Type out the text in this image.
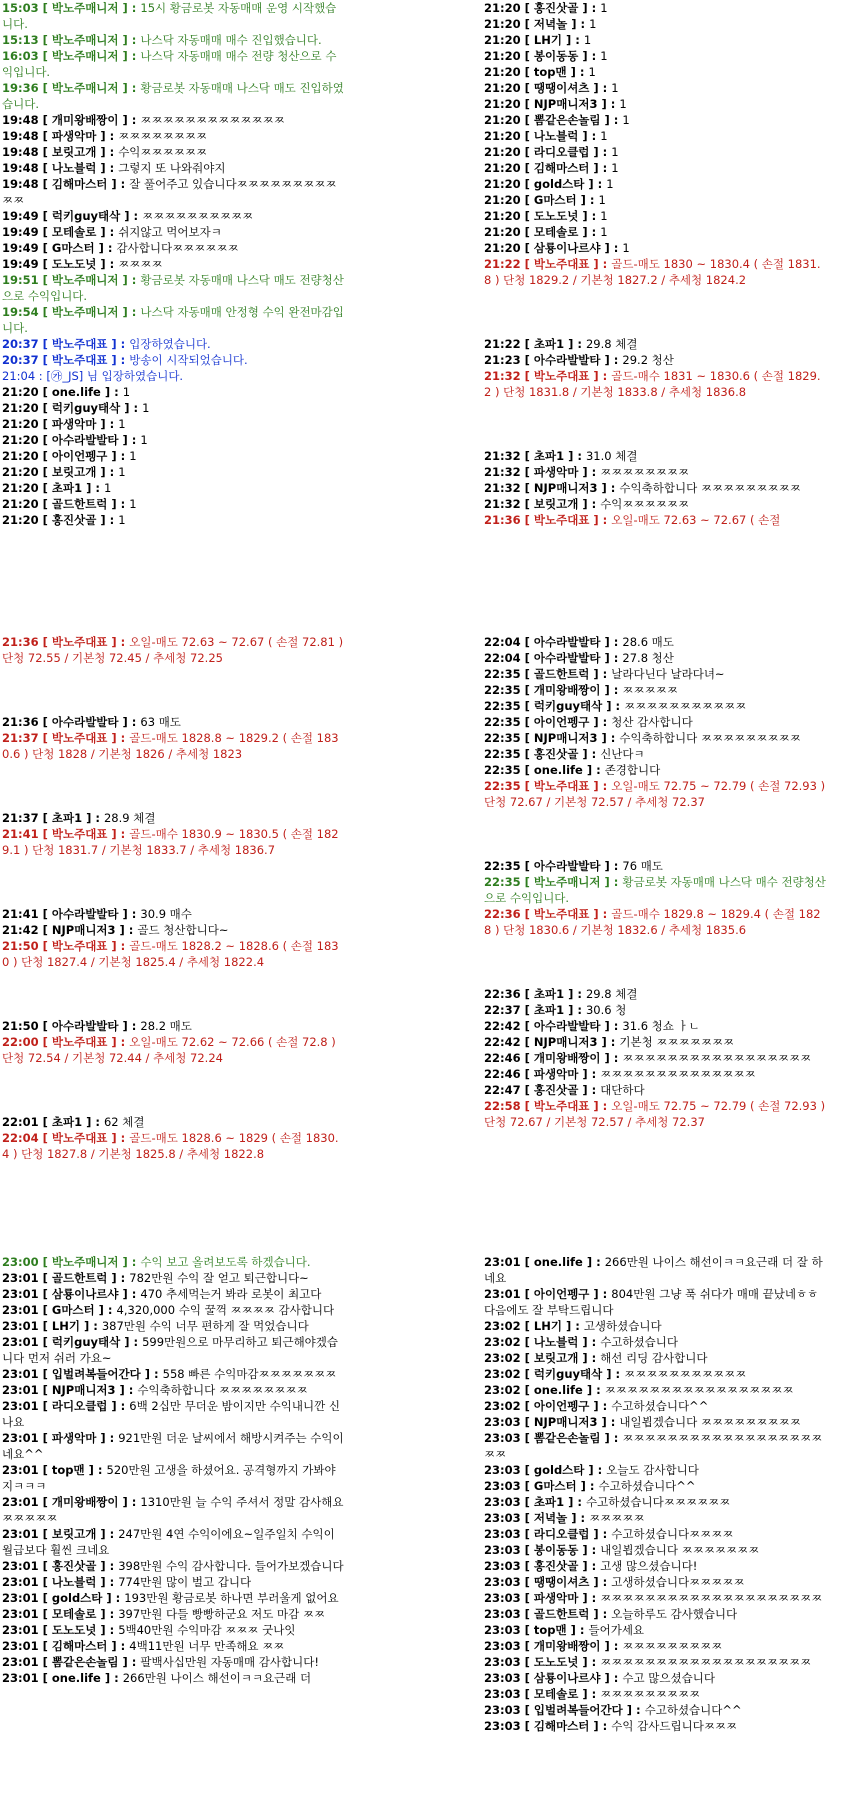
15:03 [ 박노주매니저 ] : 15시 황금로봇 자동매매 운영 시작했습니다.
15:13 [ 박노주매니저 ] : 나스닥 자동매매 매수 진입했습니다.
16:03 [ 박노주매니저 ] : 나스닥 자동매매 매수 전량 청산으로 수익입니다.
19:36 [ 박노주매니저 ] : 황금로봇 자동매매 나스닥 매도 진입하였습니다.
19:48 [ 개미왕배짱이 ] : ㅉㅉㅉㅉㅉㅉㅉㅉㅉㅉㅉㅉㅉ
19:48 [ 파생악마 ] : ㅉㅉㅉㅉㅉㅉㅉㅉ
19:48 [ 보릿고개 ] : 수익ㅉㅉㅉㅉㅉㅉ
19:48 [ 나노블럭 ] : 그렇지 또 나와줘야지
19:48 [ 김해마스터 ] : 잘 풀어주고 있습니다ㅉㅉㅉㅉㅉㅉㅉㅉㅉㅉㅉ
19:49 [ 럭키guy태삭 ] : ㅉㅉㅉㅉㅉㅉㅉㅉㅉㅉ
19:49 [ 모테솔로 ] : 쉬지않고 먹어보자ㅋ
19:49 [ G마스터 ] : 감사합니다ㅉㅉㅉㅉㅉㅉ
19:49 [ 도노도넛 ] : ㅉㅉㅉㅉ
19:51 [ 박노주매니저 ] : 황금로봇 자동매매 나스닥 매도 전량청산으로 수익입니다.
19:54 [ 박노주매니저 ] : 나스닥 자동매매 안정형 수익 완전마감입니다.
20:37 [ 박노주대표 ] : 입장하였습니다.
20:37 [ 박노주대표 ] : 방송이 시작되었습니다.
21:04 : [㉮_JS] 님 입장하였습니다.
21:20 [ one.life ] : 1
21:20 [ 럭키guy태삭 ] : 1
21:20 [ 파생악마 ] : 1
21:20 [ 아수라발발타 ] : 1
21:20 [ 아이언펭구 ] : 1
21:20 [ 보릿고개 ] : 1
21:20 [ 초파1 ] : 1
21:20 [ 골드한트럭 ] : 1
21:20 [ 홍진삿골 ] : 1
21:20 [ 홍진삿골 ] : 1
21:20 [ 저녁놀 ] : 1
21:20 [ LH기 ] : 1
21:20 [ 봉이동동 ] : 1
21:20 [ top맨 ] : 1
21:20 [ 땡땡이셔츠 ] : 1
21:20 [ NJP매니저3 ] : 1
21:20 [ 뽐같은손놀림 ] : 1
21:20 [ 나노블럭 ] : 1
21:20 [ 라디오클럽 ] : 1
21:20 [ 김해마스터 ] : 1
21:20 [ gold스타 ] : 1
21:20 [ G마스터 ] : 1
21:20 [ 도노도넛 ] : 1
21:20 [ 모테솔로 ] : 1
21:20 [ 삼룡이나르샤 ] : 1
21:22 [ 박노주대표 ] : 골드-매도 1830 ~ 1830.4 ( 손절 1831.8 ) 단청 1829.2 / 기본청 1827.2 / 추세청 1824.2
21:22 [ 초파1 ] : 29.8 체결
21:23 [ 아수라발발타 ] : 29.2 청산
21:32 [ 박노주대표 ] : 골드-매수 1831 ~ 1830.6 ( 손절 1829.2 ) 단청 1831.8 / 기본청 1833.8 / 추세청 1836.8
21:32 [ 초파1 ] : 31.0 체결
21:32 [ 파생악마 ] : ㅉㅉㅉㅉㅉㅉㅉㅉ
21:32 [ NJP매니저3 ] : 수익축하합니다 ㅉㅉㅉㅉㅉㅉㅉㅉㅉ
21:32 [ 보릿고개 ] : 수익ㅉㅉㅉㅉㅉㅉ
21:36 [ 박노주대표 ] : 오일-매도 72.63 ~ 72.67 ( 손절
21:36 [ 박노주대표 ] : 오일-매도 72.63 ~ 72.67 ( 손절 72.81 ) 단청 72.55 / 기본청 72.45 / 추세청 72.25
21:36 [ 아수라발발타 ] : 63 매도
21:37 [ 박노주대표 ] : 골드-매도 1828.8 ~ 1829.2 ( 손절 1830.6 ) 단청 1828 / 기본청 1826 / 추세청 1823
21:37 [ 초파1 ] : 28.9 체결
21:41 [ 박노주대표 ] : 골드-매수 1830.9 ~ 1830.5 ( 손절 1829.1 ) 단청 1831.7 / 기본청 1833.7 / 추세청 1836.7
21:41 [ 아수라발발타 ] : 30.9 매수
21:42 [ NJP매니저3 ] : 골드 청산합니다~
21:50 [ 박노주대표 ] : 골드-매도 1828.2 ~ 1828.6 ( 손절 1830 ) 단청 1827.4 / 기본청 1825.4 / 추세청 1822.4
21:50 [ 아수라발발타 ] : 28.2 매도
22:00 [ 박노주대표 ] : 오일-매도 72.62 ~ 72.66 ( 손절 72.8 ) 단청 72.54 / 기본청 72.44 / 추세청 72.24
22:01 [ 초파1 ] : 62 체결
22:04 [ 박노주대표 ] : 골드-매도 1828.6 ~ 1829 ( 손절 1830.4 ) 단청 1827.8 / 기본청 1825.8 / 추세청 1822.8
22:04 [ 아수라발발타 ] : 28.6 매도
22:04 [ 아수라발발타 ] : 27.8 청산
22:35 [ 골드한트럭 ] : 날라다닌다 날라다녀~
22:35 [ 개미왕배짱이 ] : ㅉㅉㅉㅉㅉ
22:35 [ 럭키guy태삭 ] : ㅉㅉㅉㅉㅉㅉㅉㅉㅉㅉㅉ
22:35 [ 아이언펭구 ] : 청산 감사합니다
22:35 [ NJP매니저3 ] : 수익축하합니다 ㅉㅉㅉㅉㅉㅉㅉㅉㅉ
22:35 [ 홍진삿골 ] : 신난다ㅋ
22:35 [ one.life ] : 존경합니다
22:35 [ 박노주대표 ] : 오일-매도 72.75 ~ 72.79 ( 손절 72.93 ) 단청 72.67 / 기본청 72.57 / 추세청 72.37
22:35 [ 아수라발발타 ] : 76 매도
22:35 [ 박노주매니저 ] : 황금로봇 자동매매 나스닥 매수 전량청산으로 수익입니다.
22:36 [ 박노주대표 ] : 골드-매수 1829.8 ~ 1829.4 ( 손절 1828 ) 단청 1830.6 / 기본청 1832.6 / 추세청 1835.6
22:36 [ 초파1 ] : 29.8 체결
22:37 [ 초파1 ] : 30.6 청
22:42 [ 아수라발발타 ] : 31.6 청쇼 ㅏㄴ
22:42 [ NJP매니저3 ] : 기본청 ㅉㅉㅉㅉㅉㅉㅉ
22:46 [ 개미왕배짱이 ] : ㅉㅉㅉㅉㅉㅉㅉㅉㅉㅉㅉㅉㅉㅉㅉㅉㅉ
22:46 [ 파생악마 ] : ㅉㅉㅉㅉㅉㅉㅉㅉㅉㅉㅉㅉㅉㅉ
22:47 [ 홍진삿골 ] : 대단하다
22:58 [ 박노주대표 ] : 오일-매도 72.75 ~ 72.79 ( 손절 72.93 ) 단청 72.67 / 기본청 72.57 / 추세청 72.37
23:00 [ 박노주매니저 ] : 수익 보고 올려보도록 하겠습니다.
23:01 [ 골드한트럭 ] : 782만원 수익 잘 얻고 퇴근합니다~
23:01 [ 삼룡이나르샤 ] : 470 추세먹는거 봐라 로봇이 최고다
23:01 [ G마스터 ] : 4,320,000 수익 꿀꺽 ㅉㅉㅉㅉ 감사합니다
23:01 [ LH기 ] : 387만원 수익 너무 편하게 잘 먹었습니다
23:01 [ 럭키guy태삭 ] : 599만원으로 마무리하고 퇴근해야겠습니다 먼저 쉬러 가요~
23:01 [ 입벌려복들어간다 ] : 558 빠른 수익마감ㅉㅉㅉㅉㅉㅉㅉ
23:01 [ NJP매니저3 ] : 수익축하합니다 ㅉㅉㅉㅉㅉㅉㅉㅉ
23:01 [ 라디오클럽 ] : 6백 2십만 무더운 밤이지만 수익내니깐 신나요
23:01 [ 파생악마 ] : 921만원 더운 날씨에서 해방시켜주는 수익이네요^^
23:01 [ top맨 ] : 520만원 고생을 하셨어요. 공격형까지 가봐야지ㅋㅋㅋ
23:01 [ 개미왕배짱이 ] : 1310만원 늘 수익 주셔서 정말 감사해요ㅉㅉㅉㅉㅉ
23:01 [ 보릿고개 ] : 247만원 4연 수익이에요~일주일치 수익이 월급보다 훨씬 크네요
23:01 [ 홍진삿골 ] : 398만원 수익 감사합니다. 들어가보겠습니다
23:01 [ 나노블럭 ] : 774만원 많이 벌고 갑니다
23:01 [ gold스타 ] : 193만원 황금로봇 하나면 부러울게 없어요
23:01 [ 모테솔로 ] : 397만원 다들 빵빵하군요 저도 마감 ㅉㅉ
23:01 [ 도노도넛 ] : 5백40만원 수익마감 ㅉㅉㅉ 굿나잇
23:01 [ 김해마스터 ] : 4백11만원 너무 만족해요 ㅉㅉ
23:01 [ 뽐같은손놀림 ] : 팔백사십만원 자동매매 감사합니다!
23:01 [ one.life ] : 266만원 나이스 해선이ㅋㅋ요근래 더
23:01 [ one.life ] : 266만원 나이스 해선이ㅋㅋ요근래 더 잘 하네요
23:01 [ 아이언펭구 ] : 804만원 그냥 푹 쉬다가 매매 끝났네ㅎㅎ다음에도 잘 부탁드립니다
23:02 [ LH기 ] : 고생하셨습니다
23:02 [ 나노블럭 ] : 수고하셨습니다
23:02 [ 보릿고개 ] : 해선 리딩 감사합니다
23:02 [ 럭키guy태삭 ] : ㅉㅉㅉㅉㅉㅉㅉㅉㅉㅉㅉ
23:02 [ one.life ] : ㅉㅉㅉㅉㅉㅉㅉㅉㅉㅉㅉㅉㅉㅉㅉㅉㅉ
23:02 [ 아이언펭구 ] : 수고하셨습니다^^
23:03 [ NJP매니저3 ] : 내일뵙겠습니다 ㅉㅉㅉㅉㅉㅉㅉㅉㅉ
23:03 [ 뽐같은손놀림 ] : ㅉㅉㅉㅉㅉㅉㅉㅉㅉㅉㅉㅉㅉㅉㅉㅉㅉㅉㅉㅉ
23:03 [ gold스타 ] : 오늘도 감사합니다
23:03 [ G마스터 ] : 수고하셨습니다^^
23:03 [ 초파1 ] : 수고하셨습니다ㅉㅉㅉㅉㅉㅉ
23:03 [ 저녁놀 ] : ㅉㅉㅉㅉㅉ
23:03 [ 라디오클럽 ] : 수고하셨습니다ㅉㅉㅉㅉ
23:03 [ 봉이동동 ] : 내일뵙겠습니다 ㅉㅉㅉㅉㅉㅉㅉ
23:03 [ 홍진삿골 ] : 고생 많으셨습니다!
23:03 [ 땡땡이셔츠 ] : 고생하셨습니다ㅉㅉㅉㅉㅉ
23:03 [ 파생악마 ] : ㅉㅉㅉㅉㅉㅉㅉㅉㅉㅉㅉㅉㅉㅉㅉㅉㅉㅉㅉㅉ
23:03 [ 골드한트럭 ] : 오늘하루도 감사했습니다
23:03 [ top맨 ] : 들어가세요
23:03 [ 개미왕배짱이 ] : ㅉㅉㅉㅉㅉㅉㅉㅉㅉ
23:03 [ 도노도넛 ] : ㅉㅉㅉㅉㅉㅉㅉㅉㅉㅉㅉㅉㅉㅉㅉㅉㅉㅉㅉ
23:03 [ 삼룡이나르샤 ] : 수고 많으셨습니다
23:03 [ 모테솔로 ] : ㅉㅉㅉㅉㅉㅉㅉㅉㅉ
23:03 [ 입벌려복들어간다 ] : 수고하셨습니다^^
23:03 [ 김해마스터 ] : 수익 감사드립니다ㅉㅉㅉ
